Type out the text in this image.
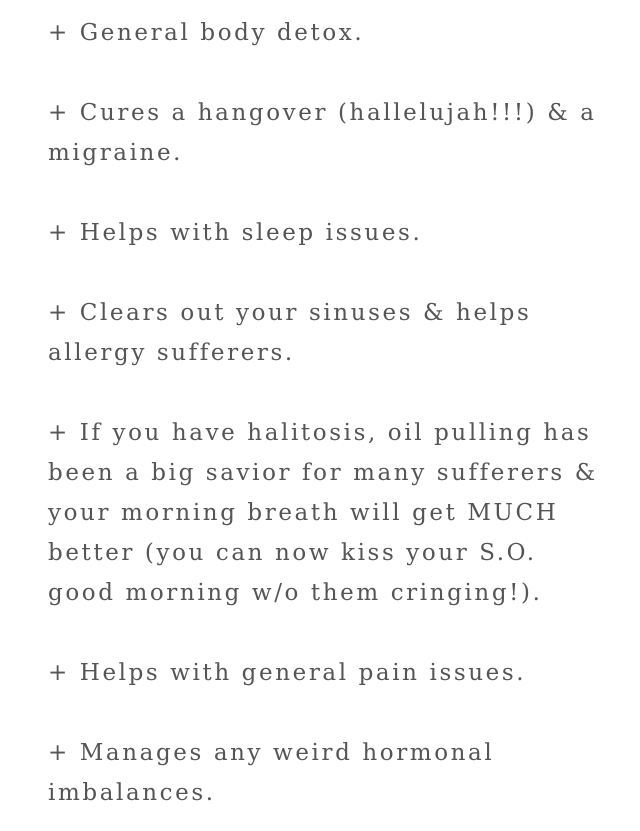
+ General body detox.

+ Cures a hangover (hallelujah!!!) & a migraine.

+ Helps with sleep issues.

+ Clears out your sinuses & helps allergy sufferers.

+ If you have halitosis, oil pulling has been a big savior for many sufferers & your morning breath will get MUCH better (you can now kiss your S.O. good morning w/o them cringing!).

+ Helps with general pain issues.

+ Manages any weird hormonal imbalances.
